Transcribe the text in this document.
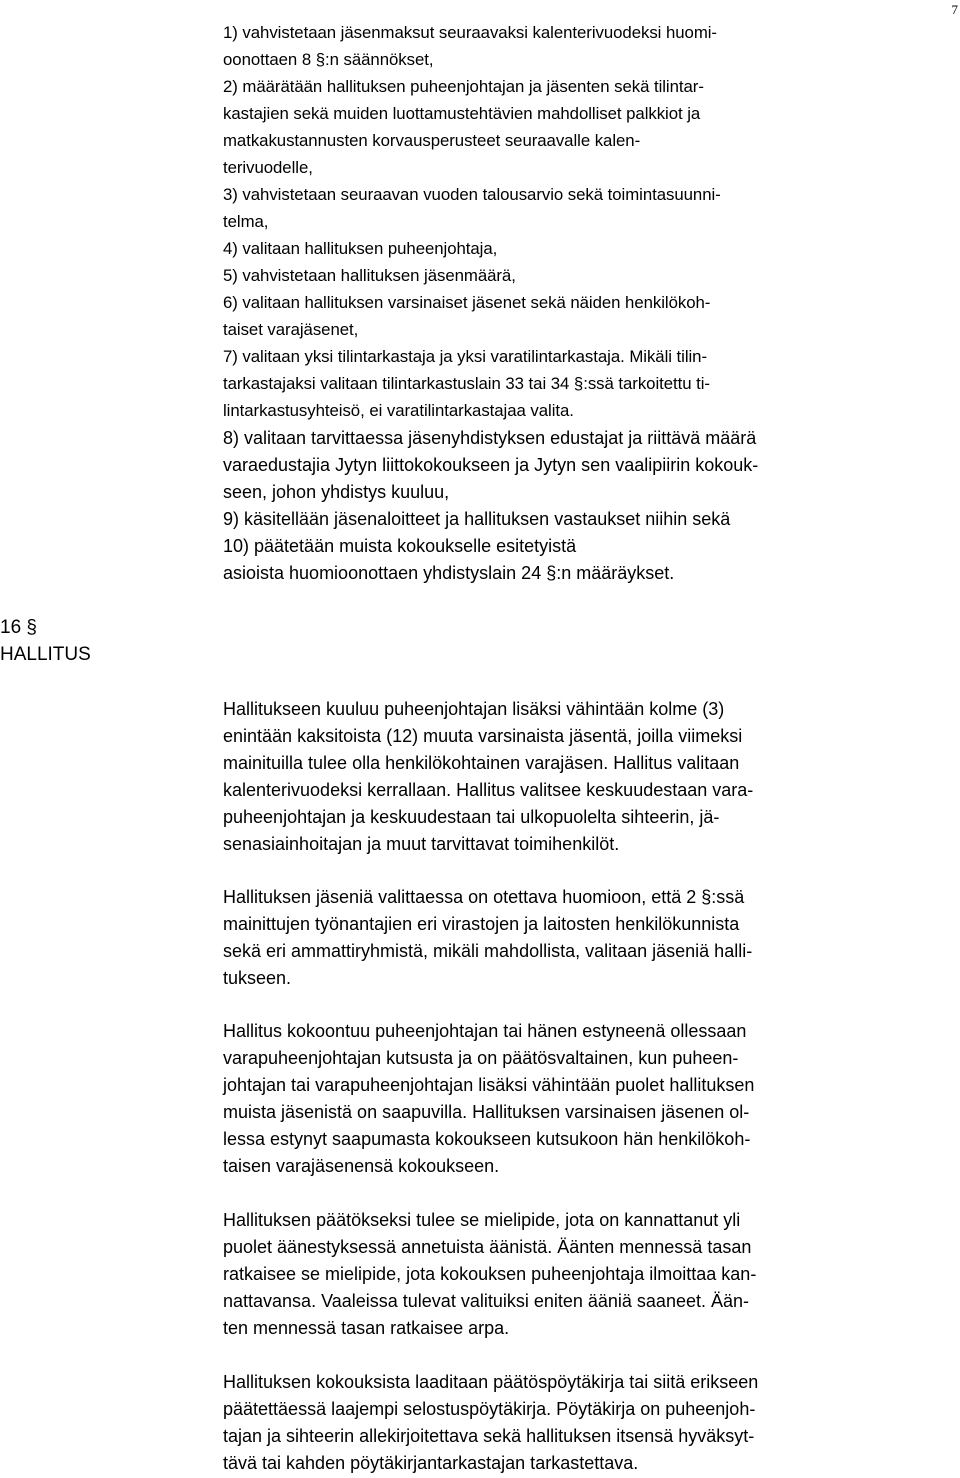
7
1) vahvistetaan jäsenmaksut seuraavaksi kalenterivuodeksi huomi-
oonottaen 8 §:n säännökset,
2) määrätään hallituksen puheenjohtajan ja jäsenten sekä tilintar-
kastajien sekä muiden luottamustehtävien mahdolliset palkkiot ja
matkakustannusten korvausperusteet seuraavalle kalen-
terivuodelle,
3) vahvistetaan seuraavan vuoden talousarvio sekä toimintasuunni-
telma,
4) valitaan hallituksen puheenjohtaja,
5) vahvistetaan hallituksen jäsenmäärä,
6) valitaan hallituksen varsinaiset jäsenet sekä näiden henkilökoh-
taiset varajäsenet,
7) valitaan yksi tilintarkastaja ja yksi varatilintarkastaja. Mikäli tilin-
tarkastajaksi valitaan tilintarkastuslain 33 tai 34 §:ssä tarkoitettu ti-
lintarkastusyhteisö, ei varatilintarkastajaa valita.
8) valitaan tarvittaessa jäsenyhdistyksen edustajat ja riittävä määrä
varaedustajia Jytyn liittokokoukseen ja Jytyn sen vaalipiirin kokouk-
seen, johon yhdistys kuuluu,
9) käsitellään jäsenaloitteet ja hallituksen vastaukset niihin sekä
10) päätetään muista kokoukselle esitetyistä
asioista huomioonottaen yhdistyslain 24 §:n määräykset.
16 §
HALLITUS
Hallitukseen kuuluu puheenjohtajan lisäksi vähintään kolme (3)
enintään kaksitoista (12) muuta varsinaista jäsentä, joilla viimeksi
mainituilla tulee olla henkilökohtainen varajäsen. Hallitus valitaan
kalenterivuodeksi kerrallaan. Hallitus valitsee keskuudestaan vara-
puheenjohtajan ja keskuudestaan tai ulkopuolelta sihteerin, jä-
senasiainhoitajan ja muut tarvittavat toimihenkilöt.
Hallituksen jäseniä valittaessa on otettava huomioon, että 2 §:ssä
mainittujen työnantajien eri virastojen ja laitosten henkilökunnista
sekä eri ammattiryhmistä, mikäli mahdollista, valitaan jäseniä halli-
tukseen.
Hallitus kokoontuu puheenjohtajan tai hänen estyneenä ollessaan
varapuheenjohtajan kutsusta ja on päätösvaltainen, kun puheen-
johtajan tai varapuheenjohtajan lisäksi vähintään puolet hallituksen
muista jäsenistä on saapuvilla. Hallituksen varsinaisen jäsenen ol-
lessa estynyt saapumasta kokoukseen kutsukoon hän henkilökoh-
taisen varajäsenensä kokoukseen.
Hallituksen päätökseksi tulee se mielipide, jota on kannattanut yli
puolet äänestyksessä annetuista äänistä. Äänten mennessä tasan
ratkaisee se mielipide, jota kokouksen puheenjohtaja ilmoittaa kan-
nattavansa. Vaaleissa tulevat valituiksi eniten ääniä saaneet. Ään-
ten mennessä tasan ratkaisee arpa.
Hallituksen kokouksista laaditaan päätöspöytäkirja tai siitä erikseen
päätettäessä laajempi selostuspöytäkirja. Pöytäkirja on puheenjoh-
tajan ja sihteerin allekirjoitettava sekä hallituksen itsensä hyväksyt-
tävä tai kahden pöytäkirjantarkastajan tarkastettava.
